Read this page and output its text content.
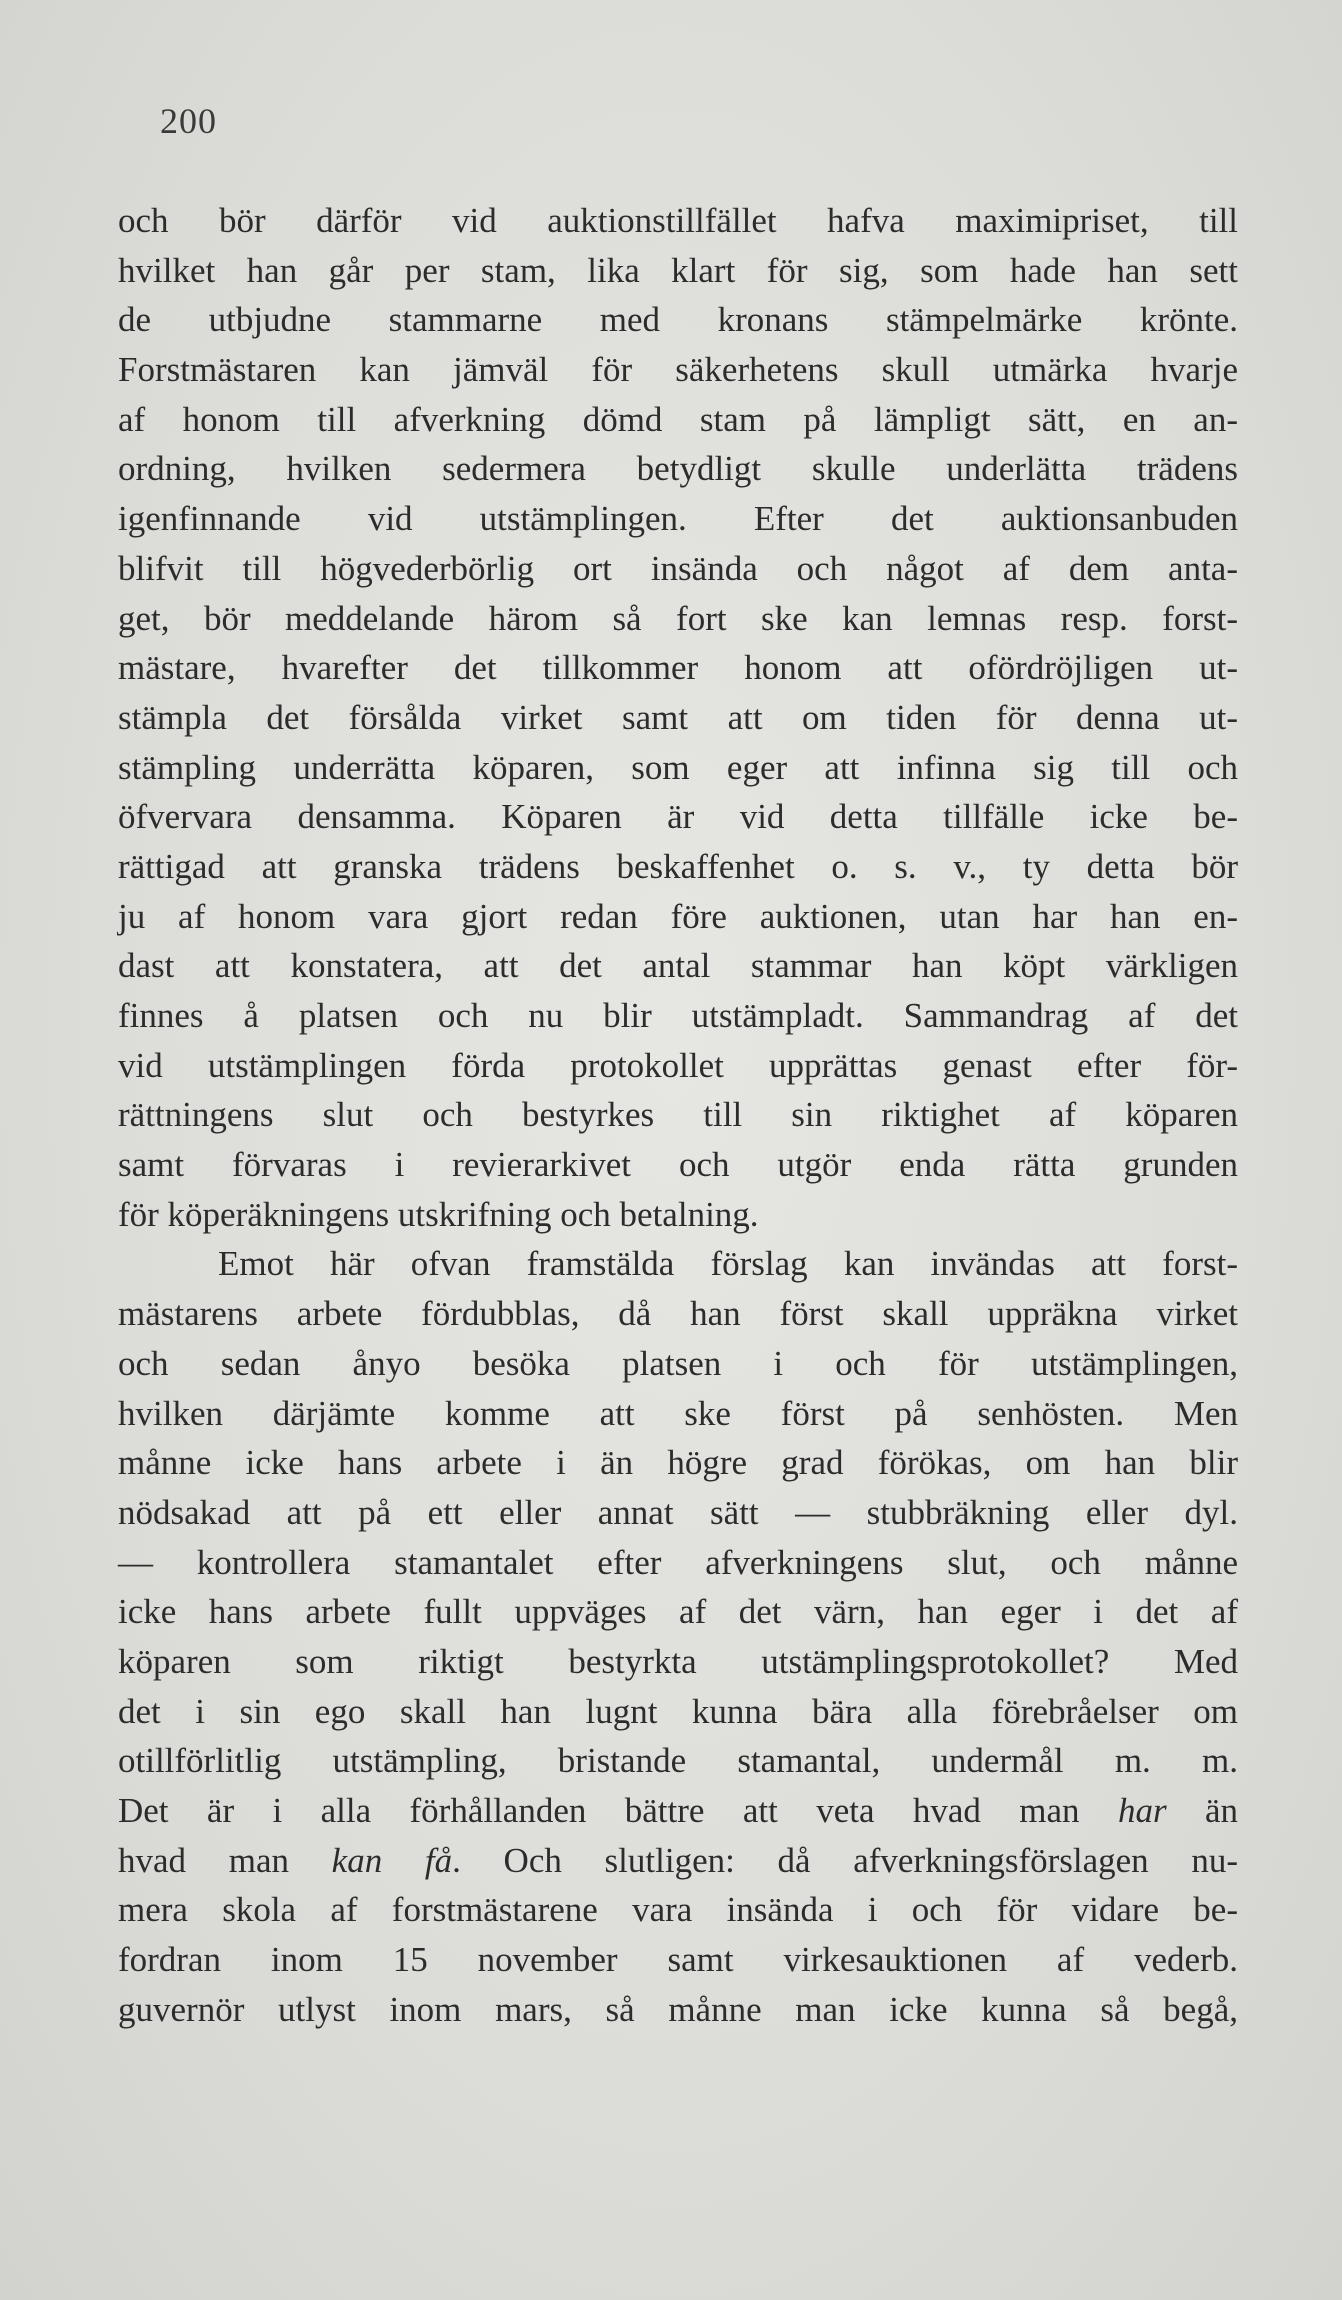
200
och bör därför vid auktionstillfället hafva maximipriset, till
hvilket han går per stam, lika klart för sig, som hade han sett
de utbjudne stammarne med kronans stämpelmärke krönte.
Forstmästaren kan jämväl för säkerhetens skull utmärka hvarje
af honom till afverkning dömd stam på lämpligt sätt, en an-
ordning, hvilken sedermera betydligt skulle underlätta trädens
igenfinnande vid utstämplingen. Efter det auktionsanbuden
blifvit till högvederbörlig ort insända och något af dem anta-
get, bör meddelande härom så fort ske kan lemnas resp. forst-
mästare, hvarefter det tillkommer honom att ofördröjligen ut-
stämpla det försålda virket samt att om tiden för denna ut-
stämpling underrätta köparen, som eger att infinna sig till och
öfvervara densamma. Köparen är vid detta tillfälle icke be-
rättigad att granska trädens beskaffenhet o. s. v., ty detta bör
ju af honom vara gjort redan före auktionen, utan har han en-
dast att konstatera, att det antal stammar han köpt värkligen
finnes å platsen och nu blir utstämpladt. Sammandrag af det
vid utstämplingen förda protokollet upprättas genast efter för-
rättningens slut och bestyrkes till sin riktighet af köparen
samt förvaras i revierarkivet och utgör enda rätta grunden
för köperäkningens utskrifning och betalning.
Emot här ofvan framstälda förslag kan invändas att forst-
mästarens arbete fördubblas, då han först skall uppräkna virket
och sedan ånyo besöka platsen i och för utstämplingen,
hvilken därjämte komme att ske först på senhösten. Men
månne icke hans arbete i än högre grad förökas, om han blir
nödsakad att på ett eller annat sätt — stubbräkning eller dyl.
— kontrollera stamantalet efter afverkningens slut, och månne
icke hans arbete fullt uppväges af det värn, han eger i det af
köparen som riktigt bestyrkta utstämplingsprotokollet? Med
det i sin ego skall han lugnt kunna bära alla förebråelser om
otillförlitlig utstämpling, bristande stamantal, undermål m. m.
Det är i alla förhållanden bättre att veta hvad man har än
hvad man kan få. Och slutligen: då afverkningsförslagen nu-
mera skola af forstmästarene vara insända i och för vidare be-
fordran inom 15 november samt virkesauktionen af vederb.
guvernör utlyst inom mars, så månne man icke kunna så begå,
